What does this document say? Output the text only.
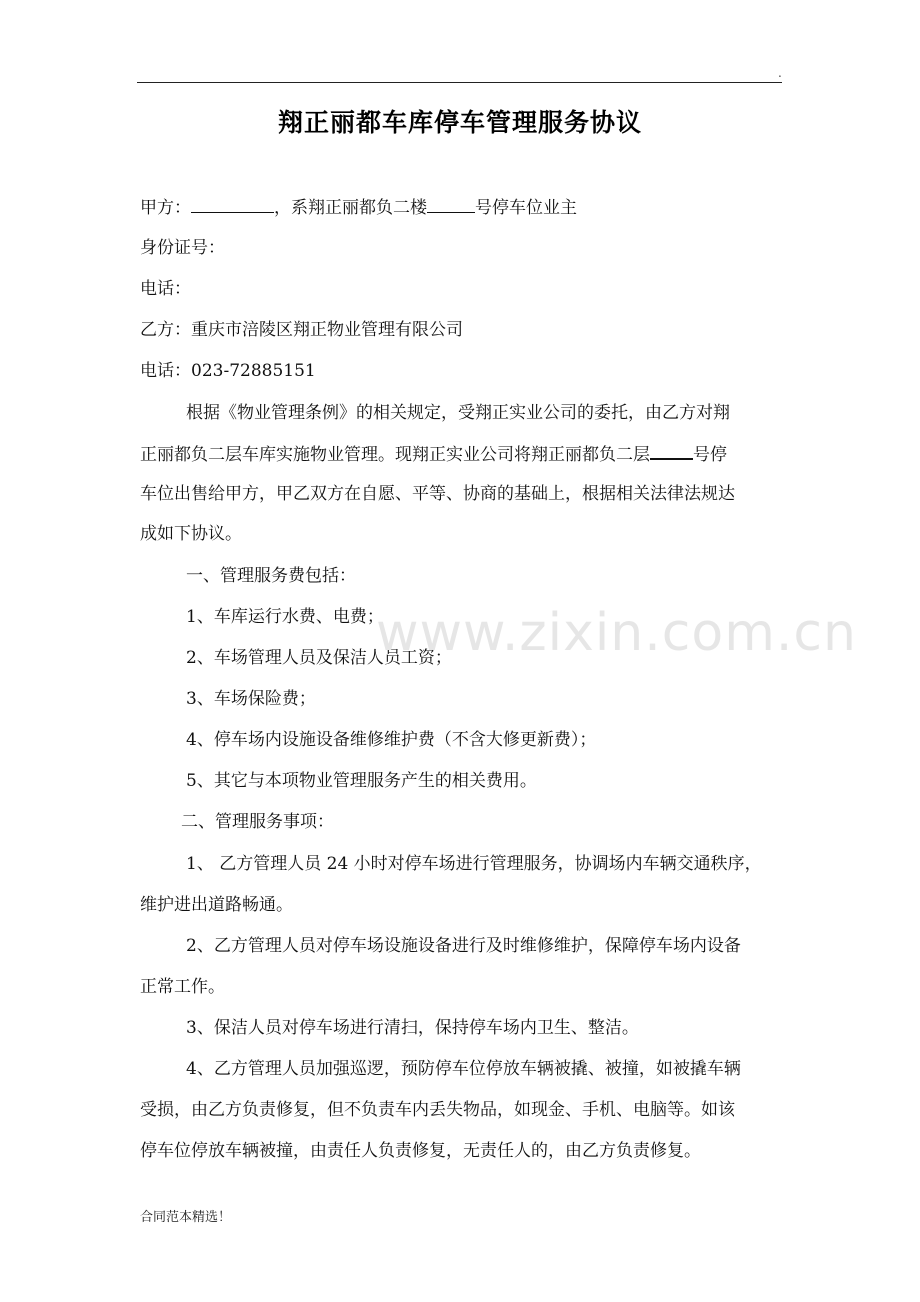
.
翔正丽都车库停车管理服务协议
甲方：	，系翔正丽都负二楼	号停车位业主
身份证号：
电话：
乙方：重庆市涪陵区翔正物业管理有限公司
电话：023-72885151
根据《物业管理条例》的相关规定，受翔正实业公司的委托，由乙方对翔
正丽都负二层车库实施物业管理。现翔正实业公司将翔正丽都负二层	号停
车位出售给甲方，甲乙双方在自愿、平等、协商的基础上，根据相关法律法规达
成如下协议。
一、管理服务费包括：
1、车库运行水费、电费；
2、车场管理人员及保洁人员工资；
3、车场保险费；
4、停车场内设施设备维修维护费（不含大修更新费）；
5、其它与本项物业管理服务产生的相关费用。
二、管理服务事项：
1、 乙方管理人员 24 小时对停车场进行管理服务，协调场内车辆交通秩序，
维护进出道路畅通。
2、乙方管理人员对停车场设施设备进行及时维修维护，保障停车场内设备
正常工作。
3、保洁人员对停车场进行清扫，保持停车场内卫生、整洁。
4、乙方管理人员加强巡逻，预防停车位停放车辆被撬、被撞，如被撬车辆
受损，由乙方负责修复，但不负责车内丢失物品，如现金、手机、电脑等。如该
停车位停放车辆被撞，由责任人负责修复，无责任人的，由乙方负责修复。
www.zixin.com.cn
合同范本精选！
